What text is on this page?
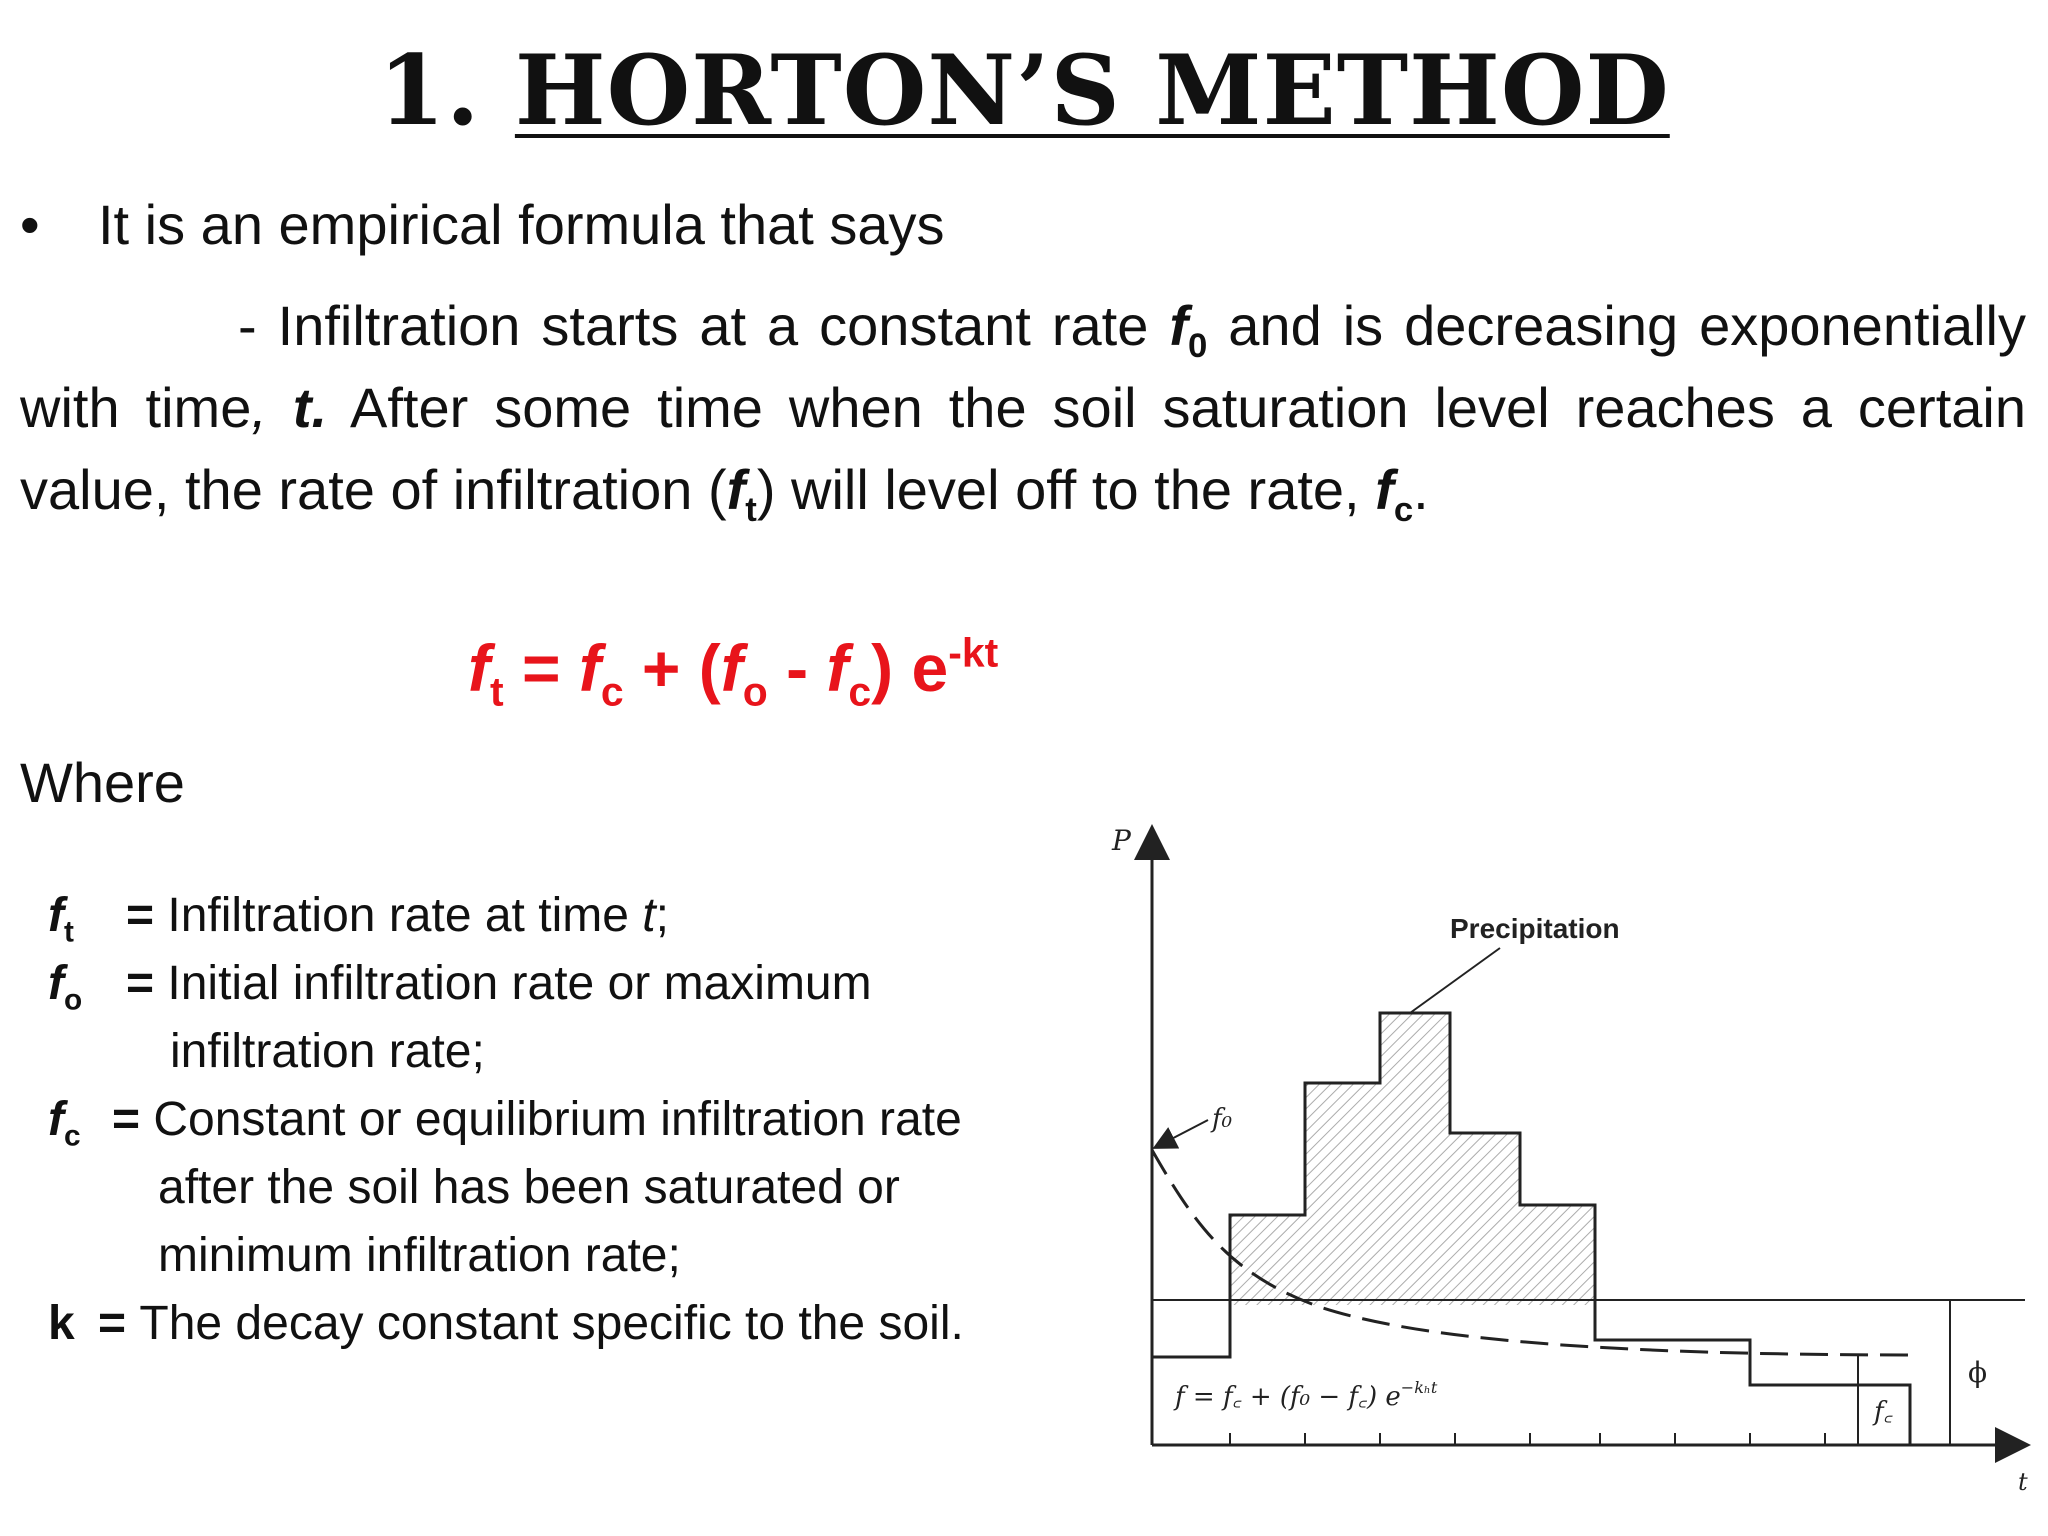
1. HORTON’S METHOD
• It is an empirical formula that says
- Infiltration starts at a constant rate $f_0$ and is decreasing exponentially with time, t. After some time when the soil saturation level reaches a certain value, the rate of infiltration $(f_t)$ will level off to the rate, $f_c$.
$f_t = f_c + (f_o - f_c)$ $e^{-kt}$
Where
$f_t$ = Infiltration rate at time t;
$f_o$ = Initial infiltration rate or maximum
infiltration rate;
$f_c$ = Constant or equilibrium infiltration rate
after the soil has been saturated or
minimum infiltration rate;
k = The decay constant specific to the soil.
P
t
Precipitation
f₀
ϕ
f꜀
f = f꜀ + (f₀ − f꜀) $e^{-k_ht}$
